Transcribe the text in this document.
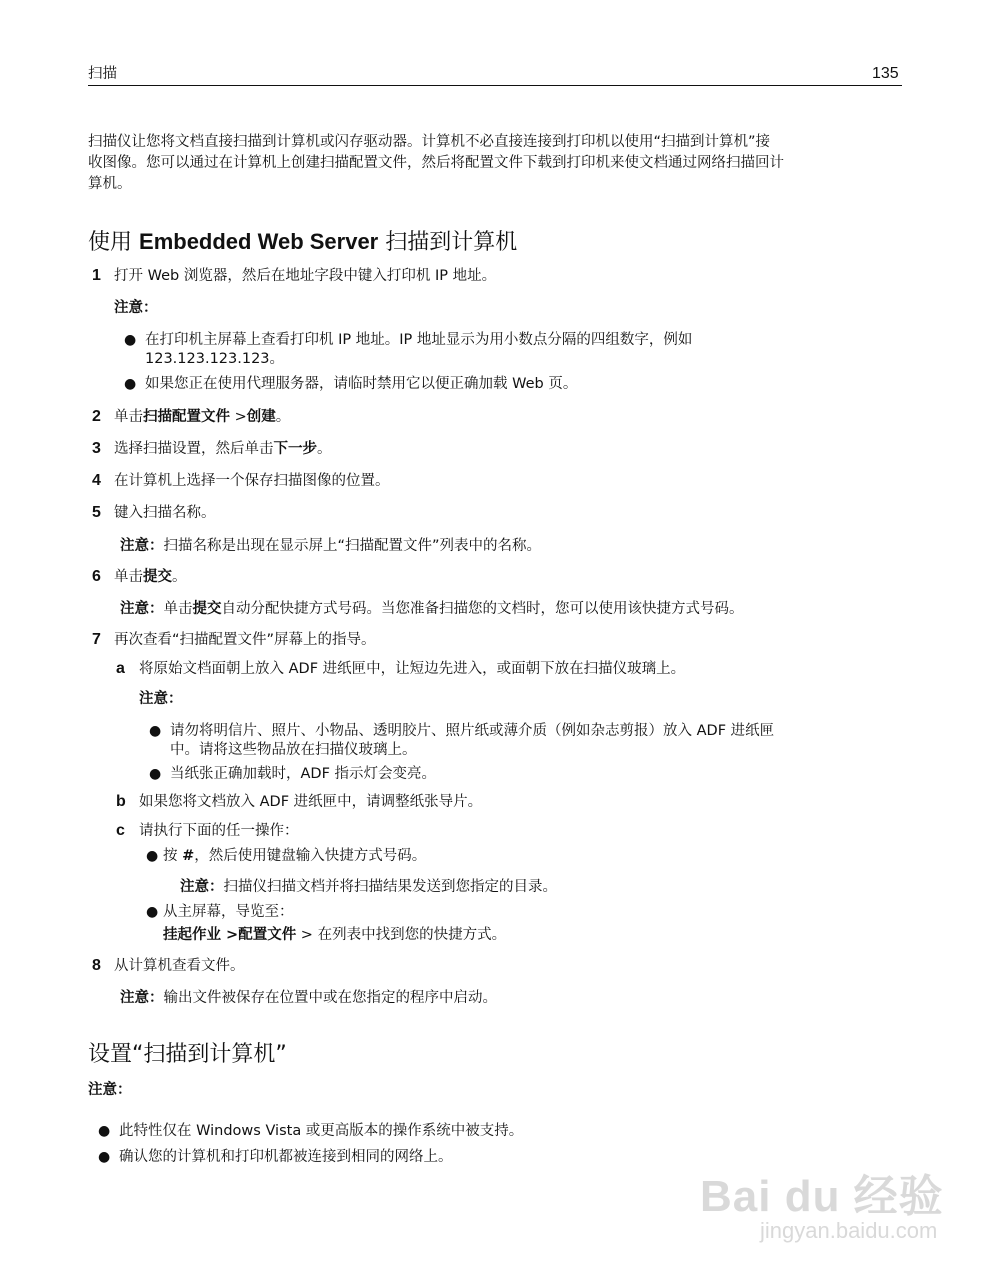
扫描	135
扫描仪让您将文档直接扫描到计算机或闪存驱动器。计算机不必直接连接到打印机以使用“扫描到计算机”接
收图像。您可以通过在计算机上创建扫描配置文件，然后将配置文件下载到打印机来使文档通过网络扫描回计
算机。
使用 Embedded Web Server 扫描到计算机
1 打开 Web 浏览器，然后在地址字段中键入打印机 IP 地址。
注意：
● 在打印机主屏幕上查看打印机 IP 地址。IP 地址显示为用小数点分隔的四组数字，例如
123.123.123.123。
● 如果您正在使用代理服务器，请临时禁用它以便正确加载 Web 页。
2 单击扫描配置文件 >创建。
3 选择扫描设置，然后单击下一步。
4 在计算机上选择一个保存扫描图像的位置。
5 键入扫描名称。
注意：扫描名称是出现在显示屏上“扫描配置文件”列表中的名称。
6 单击提交。
注意：单击提交自动分配快捷方式号码。当您准备扫描您的文档时，您可以使用该快捷方式号码。
7 再次查看“扫描配置文件”屏幕上的指导。
a 将原始文档面朝上放入 ADF 进纸匣中，让短边先进入，或面朝下放在扫描仪玻璃上。
注意：
● 请勿将明信片、照片、小物品、透明胶片、照片纸或薄介质（例如杂志剪报）放入 ADF 进纸匣
中。请将这些物品放在扫描仪玻璃上。
● 当纸张正确加载时，ADF 指示灯会变亮。
b 如果您将文档放入 ADF 进纸匣中，请调整纸张导片。
c 请执行下面的任一操作：
● 按 #，然后使用键盘输入快捷方式号码。
注意：扫描仪扫描文档并将扫描结果发送到您指定的目录。
● 从主屏幕，导览至：
挂起作业 >配置文件 > 在列表中找到您的快捷方式。
8 从计算机查看文件。
注意：输出文件被保存在位置中或在您指定的程序中启动。
设置“扫描到计算机”
注意：
● 此特性仅在 Windows Vista 或更高版本的操作系统中被支持。
● 确认您的计算机和打印机都被连接到相同的网络上。
Bai du 经验
jingyan.baidu.com
